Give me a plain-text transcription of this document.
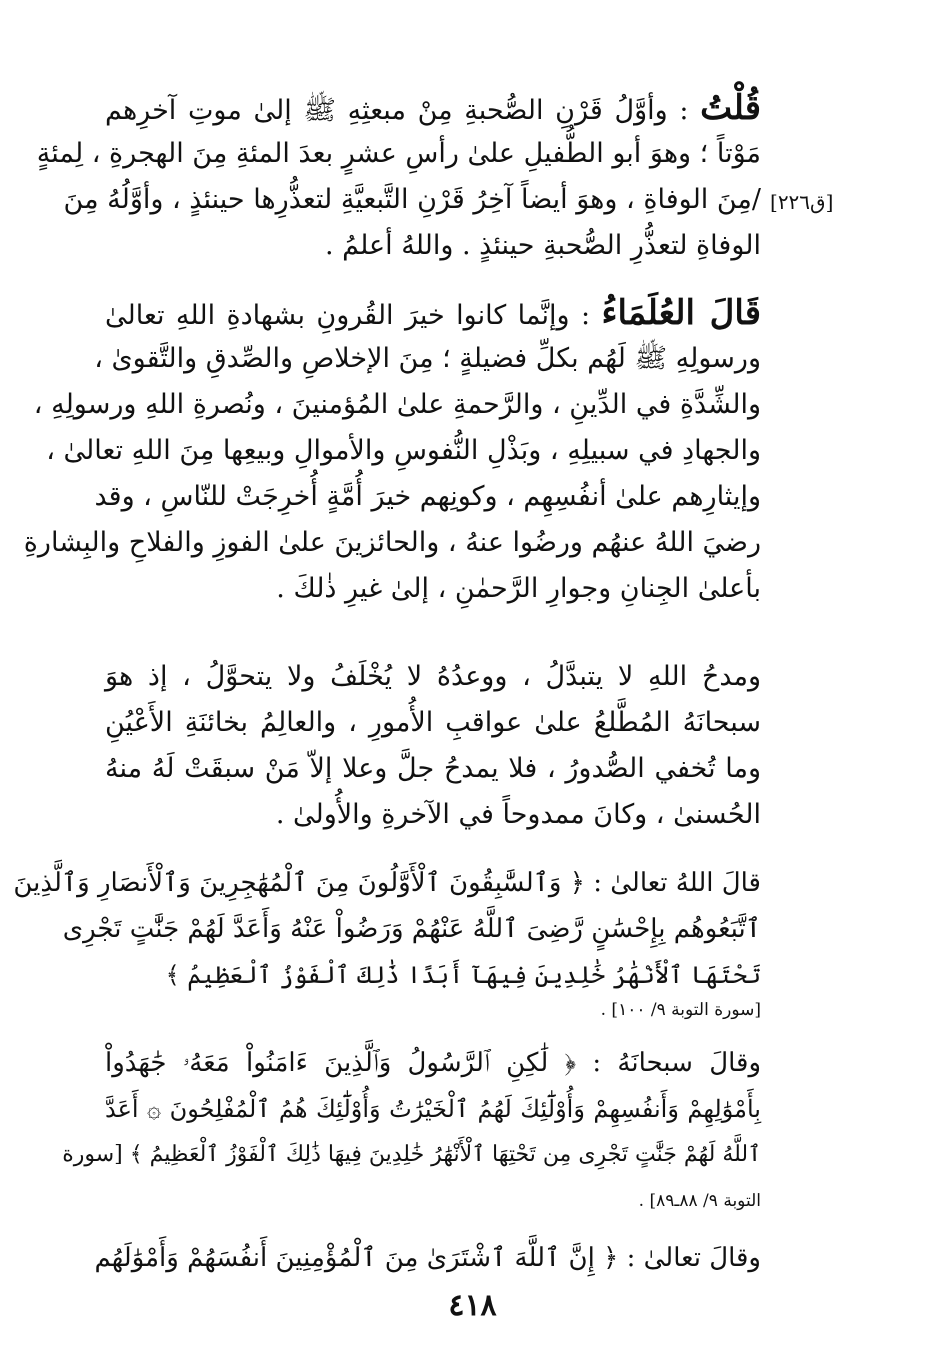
[ق٢٢٦]
قُلْتُ : وأوَّلُ قَرْنِ الصُّحبةِ مِنْ مبعثِهِ ﷺ إلىٰ موتِ آخرِهم
مَوْتاً ؛ وهوَ أبو الطُّفيلِ علىٰ رأسِ عشرٍ بعدَ المئةِ مِنَ الهجرةِ ، لِمئةٍ
/مِنَ الوفاةِ ، وهوَ أيضاً آخِرُ قَرْنِ التَّبعيَّةِ لتعذُّرِها حينئذٍ ، وأوَّلُهُ مِنَ
الوفاةِ لتعذُّرِ الصُّحبةِ حينئذٍ . واللهُ أعلمُ .
قَالَ العُلَمَاءُ : وإنَّما كانوا خيرَ القُرونِ بشهادةِ اللهِ تعالىٰ
ورسولِهِ ﷺ لَهُم بكلِّ فضيلةٍ ؛ مِنَ الإخلاصِ والصِّدقِ والتَّقوىٰ ،
والشِّدَّةِ في الدِّينِ ، والرَّحمةِ علىٰ المُؤمنينَ ، ونُصرةِ اللهِ ورسولِهِ ،
والجهادِ في سبيلِهِ ، وبَذْلِ النُّفوسِ والأموالِ وبيعِها مِنَ اللهِ تعالىٰ ،
وإيثارِهم علىٰ أنفُسِهِم ، وكونِهم خيرَ أُمَّةٍ أُخرِجَتْ للنّاسِ ، وقد
رضيَ اللهُ عنهُم ورضُوا عنهُ ، والحائزينَ علىٰ الفوزِ والفلاحِ والبِشارةِ
بأعلىٰ الجِنانِ وجوارِ الرَّحمٰنِ ، إلىٰ غيرِ ذٰلكَ .
ومدحُ اللهِ لا يتبدَّلُ ، ووعدُهُ لا يُخْلَفُ ولا يتحوَّلُ ، إذ هوَ
سبحانَهُ المُطَّلعُ علىٰ عواقبِ الأُمورِ ، والعالِمُ بخائنَةِ الأَعْيُنِ
وما تُخفي الصُّدورُ ، فلا يمدحُ جلَّ وعلا إلاّ مَنْ سبقَتْ لَهُ منهُ
الحُسنىٰ ، وكانَ ممدوحاً في الآخرةِ والأُولىٰ .
قالَ اللهُ تعالىٰ : ﴿ وَٱلسَّٰبِقُونَ ٱلْأَوَّلُونَ مِنَ ٱلْمُهَٰجِرِينَ وَٱلْأَنصَارِ وَٱلَّذِينَ
ٱتَّبَعُوهُم بِإِحْسَٰنٍ رَّضِىَ ٱللَّهُ عَنْهُمْ وَرَضُواْ عَنْهُ وَأَعَدَّ لَهُمْ جَنَّٰتٍ تَجْرِى
تَحْتَهَا ٱلْأَنْهَٰرُ خَٰلِدِينَ فِيهَآ أَبَدًا ذَٰلِكَ ٱلْفَوْزُ ٱلْعَظِيمُ ﴾
[سورة التوبة ٩/ ١٠٠] .
وقالَ سبحانَهُ : ﴿ لَٰكِنِ ٱلرَّسُولُ وَٱلَّذِينَ ءَامَنُواْ مَعَهُۥ جَٰهَدُواْ
بِأَمْوَٰلِهِمْ وَأَنفُسِهِمْ وَأُوْلَٰٓئِكَ لَهُمُ ٱلْخَيْرَٰتُ وَأُوْلَٰٓئِكَ هُمُ ٱلْمُفْلِحُونَ ۞ أَعَدَّ
ٱللَّهُ لَهُمْ جَنَّٰتٍ تَجْرِى مِن تَحْتِهَا ٱلْأَنْهَٰرُ خَٰلِدِينَ فِيهَا ذَٰلِكَ ٱلْفَوْزُ ٱلْعَظِيمُ ﴾ [سورة
التوبة ٩/ ٨٨ـ٨٩] .
وقالَ تعالىٰ : ﴿ إِنَّ ٱللَّهَ ٱشْتَرَىٰ مِنَ ٱلْمُؤْمِنِينَ أَنفُسَهُمْ وَأَمْوَٰلَهُم
٤١٨
